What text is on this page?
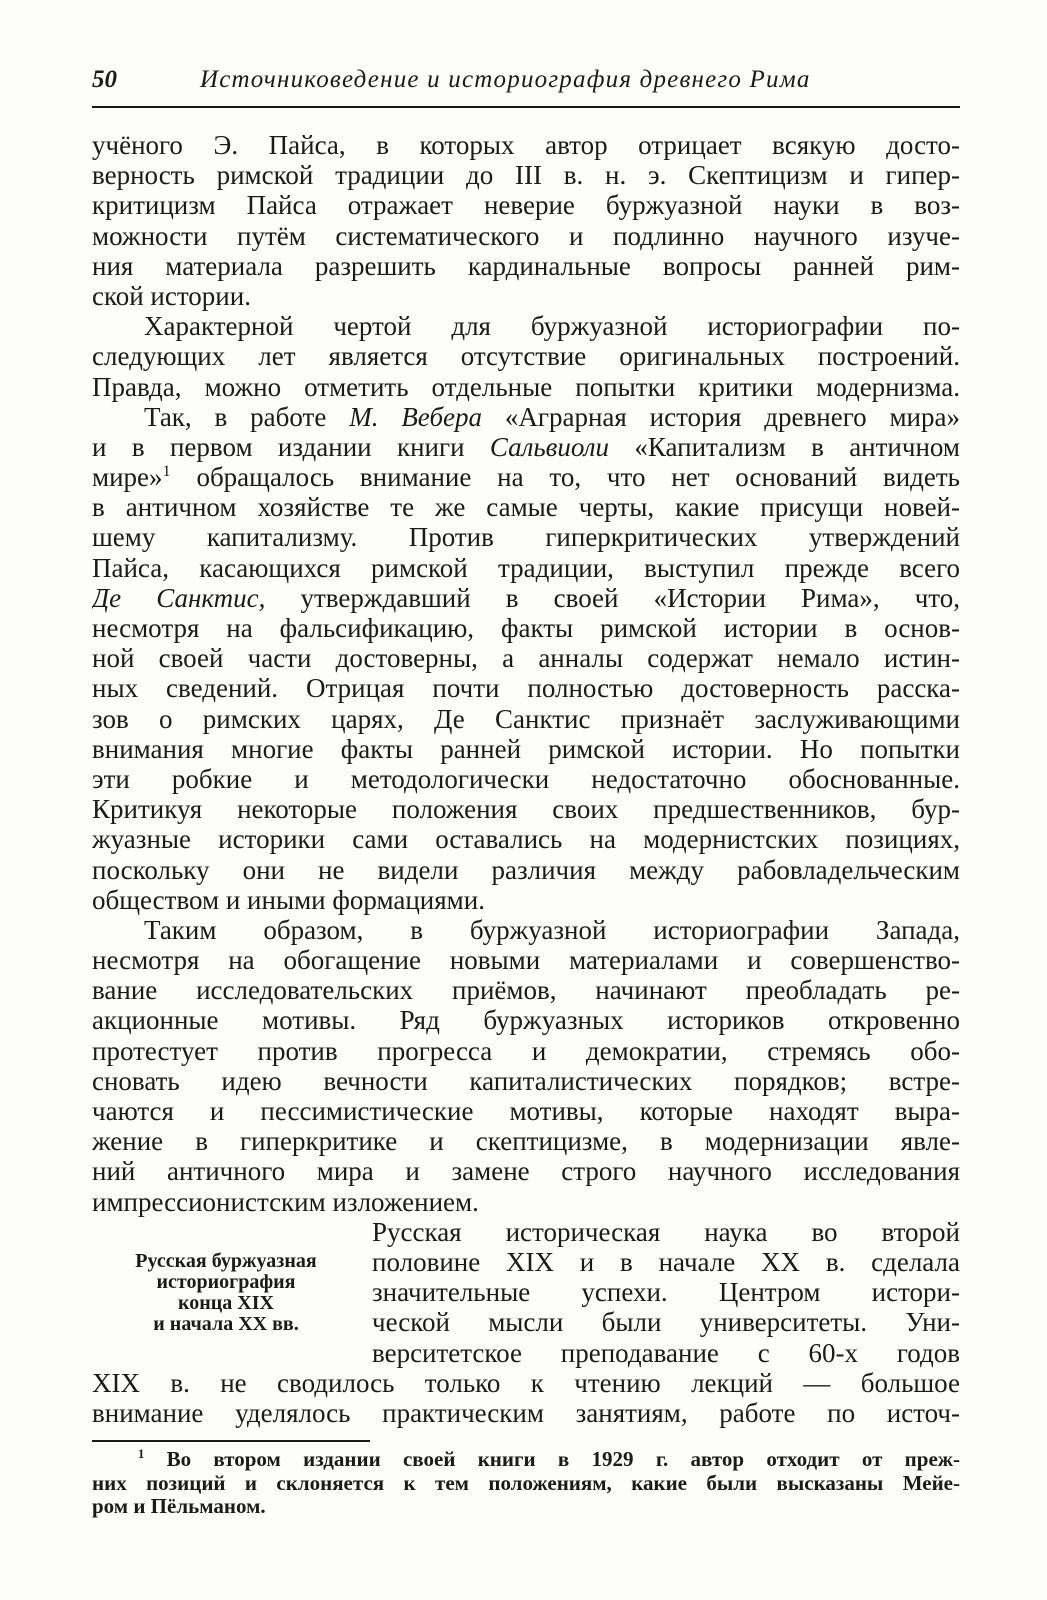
50	Источниковедение и историография древнего Рима
учёного Э. Пайса, в которых автор отрицает всякую досто-
верность римской традиции до III в. н. э. Скептицизм и гипер-
критицизм Пайса отражает неверие буржуазной науки в воз-
можности путём систематического и подлинно научного изуче-
ния материала разрешить кардинальные вопросы ранней рим-
ской истории.
Характерной чертой для буржуазной историографии по-
следующих лет является отсутствие оригинальных построений.
Правда, можно отметить отдельные попытки критики модернизма.
Так, в работе М. Вебера «Аграрная история древнего мира»
и в первом издании книги Сальвиоли «Капитализм в античном
мире»$^1$ обращалось внимание на то, что нет оснований видеть
в античном хозяйстве те же самые черты, какие присущи новей-
шему капитализму. Против гиперкритических утверждений
Пайса, касающихся римской традиции, выступил прежде всего
Де Санктис, утверждавший в своей «Истории Рима», что,
несмотря на фальсификацию, факты римской истории в основ-
ной своей части достоверны, а анналы содержат немало истин-
ных сведений. Отрицая почти полностью достоверность расска-
зов о римских царях, Де Санктис признаёт заслуживающими
внимания многие факты ранней римской истории. Но попытки
эти робкие и методологически недостаточно обоснованные.
Критикуя некоторые положения своих предшественников, бур-
жуазные историки сами оставались на модернистских позициях,
поскольку они не видели различия между рабовладельческим
обществом и иными формациями.
Таким образом, в буржуазной историографии Запада,
несмотря на обогащение новыми материалами и совершенство-
вание исследовательских приёмов, начинают преобладать ре-
акционные мотивы. Ряд буржуазных историков откровенно
протестует против прогресса и демократии, стремясь обо-
сновать идею вечности капиталистических порядков; встре-
чаются и пессимистические мотивы, которые находят выра-
жение в гиперкритике и скептицизме, в модернизации явле-
ний античного мира и замене строго научного исследования
импрессионистским изложением.
Русская буржуазная
историография
конца XIX
и начала XX вв.
Русская историческая наука во второй
половине XIX и в начале XX в. сделала
значительные успехи. Центром истори-
ческой мысли были университеты. Уни-
верситетское преподавание с 60-х годов
XIX в. не сводилось только к чтению лекций — большое
внимание уделялось практическим занятиям, работе по источ-
$^1$ Во втором издании своей книги в 1929 г. автор отходит от преж-
них позиций и склоняется к тем положениям, какие были высказаны Мейе-
ром и Пёльманом.
